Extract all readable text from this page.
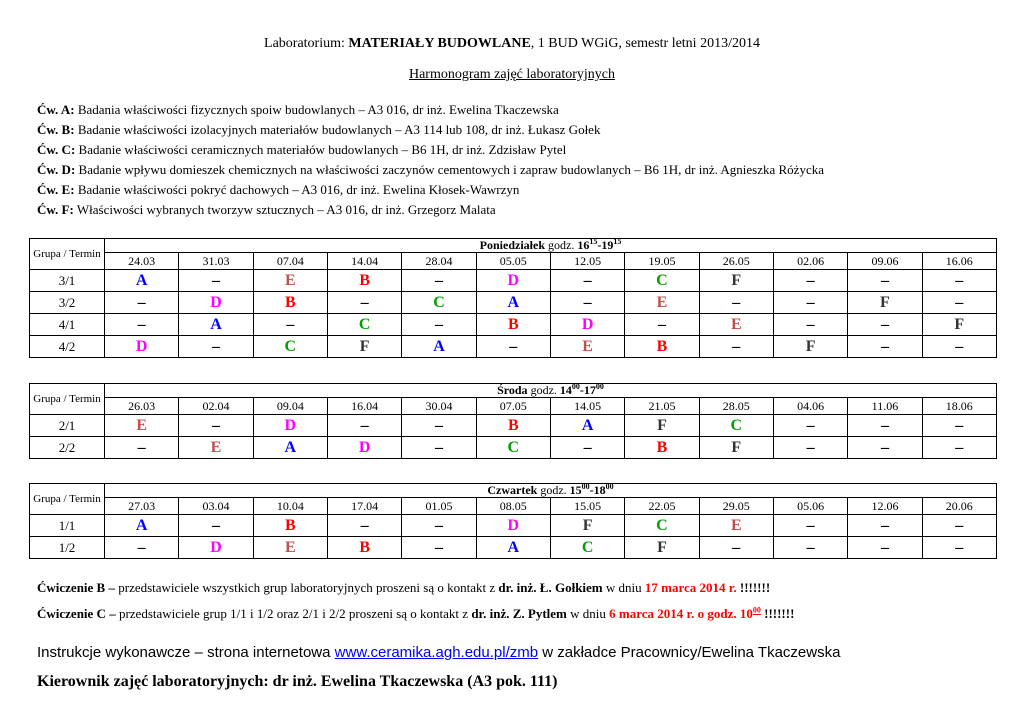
Laboratorium: MATERIAŁY BUDOWLANE, 1 BUD WGiG, semestr letni 2013/2014
Harmonogram zajęć laboratoryjnych
Ćw. A: Badania właściwości fizycznych spoiw budowlanych – A3 016, dr inż. Ewelina Tkaczewska
Ćw. B: Badanie właściwości izolacyjnych materiałów budowlanych – A3 114 lub 108, dr inż. Łukasz Gołek
Ćw. C: Badanie właściwości ceramicznych materiałów budowlanych – B6 1H, dr inż. Zdzisław Pytel
Ćw. D: Badanie wpływu domieszek chemicznych na właściwości zaczynów cementowych i zapraw budowlanych – B6 1H, dr inż. Agnieszka Różycka
Ćw. E: Badanie właściwości pokryć dachowych – A3 016, dr inż. Ewelina Kłosek-Wawrzyn
Ćw. F: Właściwości wybranych tworzyw sztucznych – A3 016, dr inż. Grzegorz Malata
Grupa / Termin	Poniedziałek godz. $16^{15}-19^{15}$
	24.03	31.03	07.04	14.04	28.04	05.05	12.05	19.05	26.05	02.06	09.06	16.06
3/1	A	–	E	B	–	D	–	C	F	–	–	–
3/2	–	D	B	–	C	A	–	E	–	–	F	–
4/1	–	A	–	C	–	B	D	–	E	–	–	F
4/2	D	–	C	F	A	–	E	B	–	F	–	–
Grupa / Termin	Środa godz. $14^{00}-17^{00}$
	26.03	02.04	09.04	16.04	30.04	07.05	14.05	21.05	28.05	04.06	11.06	18.06
2/1	E	–	D	–	–	B	A	F	C	–	–	–
2/2	–	E	A	D	–	C	–	B	F	–	–	–
Grupa / Termin	Czwartek godz. $15^{00}-18^{00}$
	27.03	03.04	10.04	17.04	01.05	08.05	15.05	22.05	29.05	05.06	12.06	20.06
1/1	A	–	B	–	–	D	F	C	E	–	–	–
1/2	–	D	E	B	–	A	C	F	–	–	–	–
Ćwiczenie B – przedstawiciele wszystkich grup laboratoryjnych proszeni są o kontakt z dr. inż. Ł. Gołkiem w dniu 17 marca 2014 r. !!!!!!!
Ćwiczenie C – przedstawiciele grup 1/1 i 1/2 oraz 2/1 i 2/2 proszeni są o kontakt z dr. inż. Z. Pytlem w dniu 6 marca 2014 r. o godz. $10^{00}$ !!!!!!!
Instrukcje wykonawcze – strona internetowa www.ceramika.agh.edu.pl/zmb w zakładce Pracownicy/Ewelina Tkaczewska
Kierownik zajęć laboratoryjnych: dr inż. Ewelina Tkaczewska (A3 pok. 111)
